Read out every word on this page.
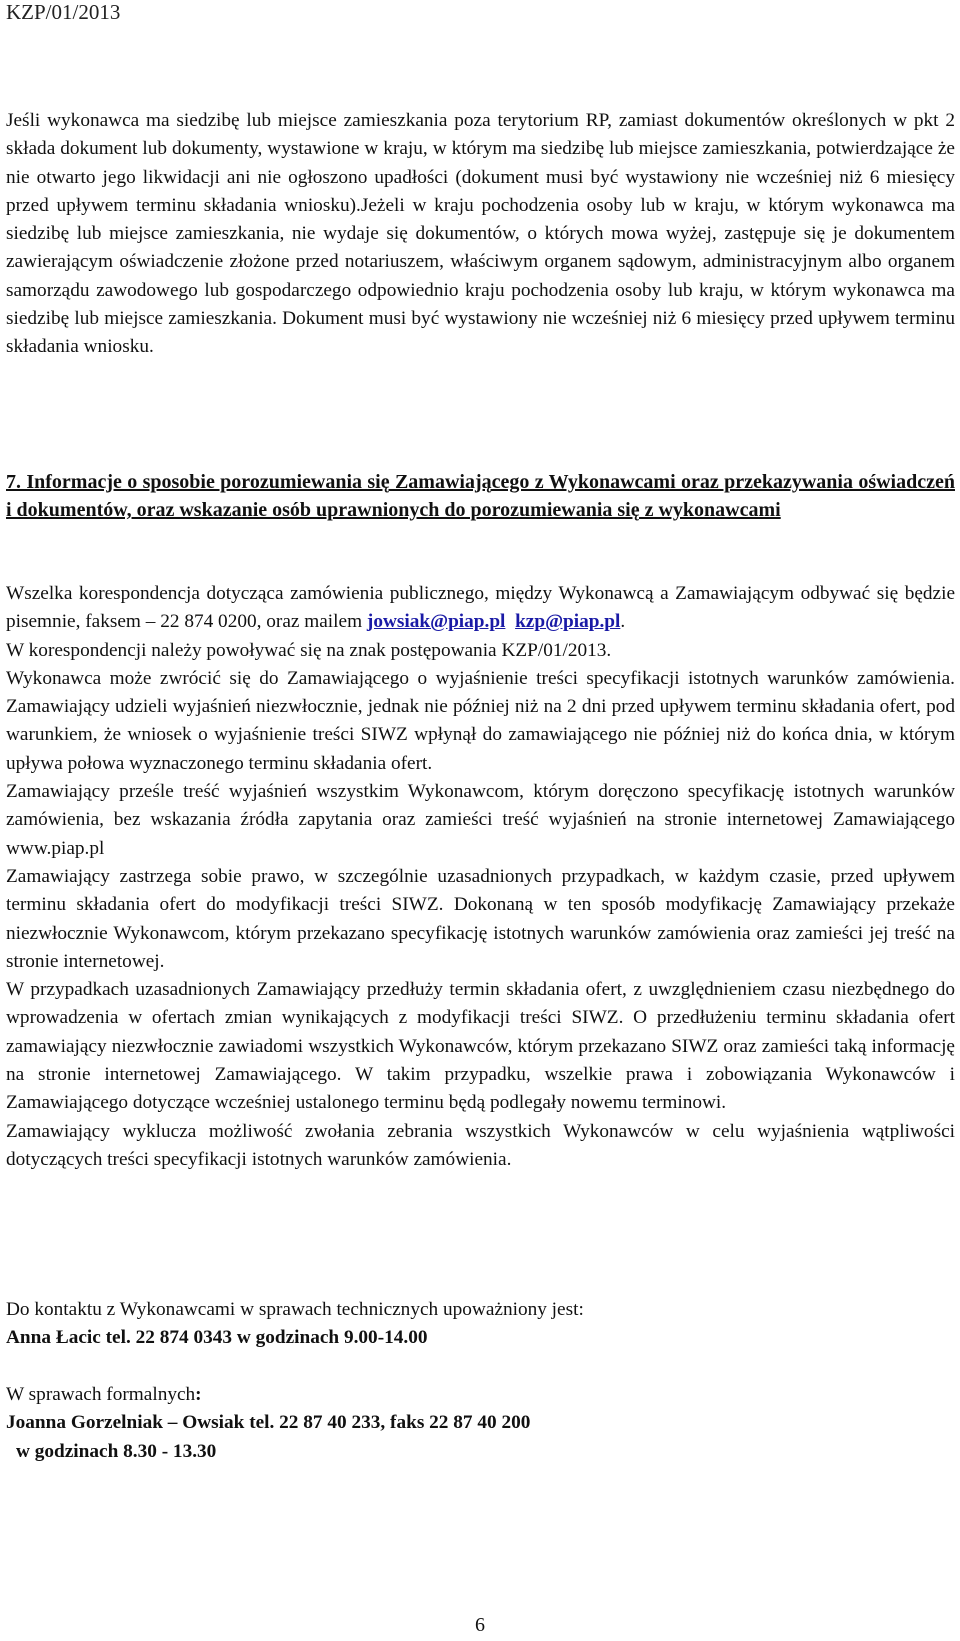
KZP/01/2013
Jeśli wykonawca ma siedzibę lub miejsce zamieszkania poza terytorium RP, zamiast dokumentów określonych w pkt 2 składa dokument lub dokumenty, wystawione w kraju, w którym ma siedzibę lub miejsce zamieszkania, potwierdzające że nie otwarto jego likwidacji ani nie ogłoszono upadłości (dokument musi być wystawiony nie wcześniej niż 6 miesięcy przed upływem terminu składania wniosku).Jeżeli w kraju pochodzenia osoby lub w kraju, w którym wykonawca ma siedzibę lub miejsce zamieszkania, nie wydaje się dokumentów, o których mowa wyżej, zastępuje się je dokumentem zawierającym oświadczenie złożone przed notariuszem, właściwym organem sądowym, administracyjnym albo organem samorządu zawodowego lub gospodarczego odpowiednio kraju pochodzenia osoby lub kraju, w którym wykonawca ma siedzibę lub miejsce zamieszkania. Dokument musi być wystawiony nie wcześniej niż 6 miesięcy przed upływem terminu składania wniosku.
7. Informacje o sposobie porozumiewania się Zamawiającego z Wykonawcami oraz przekazywania oświadczeń i dokumentów, oraz wskazanie osób uprawnionych do porozumiewania się z wykonawcami
Wszelka korespondencja dotycząca zamówienia publicznego, między Wykonawcą a Zamawiającym odbywać się będzie pisemnie, faksem – 22 874 0200, oraz mailem jowsiak@piap.pl kzp@piap.pl.
W korespondencji należy powoływać się na znak postępowania KZP/01/2013.
Wykonawca może zwrócić się do Zamawiającego o wyjaśnienie treści specyfikacji istotnych warunków zamówienia. Zamawiający udzieli wyjaśnień niezwłocznie, jednak nie później niż na 2 dni przed upływem terminu składania ofert, pod warunkiem, że wniosek o wyjaśnienie treści SIWZ wpłynął do zamawiającego nie później niż do końca dnia, w którym upływa połowa wyznaczonego terminu składania ofert.
Zamawiający prześle treść wyjaśnień wszystkim Wykonawcom, którym doręczono specyfikację istotnych warunków zamówienia, bez wskazania źródła zapytania oraz zamieści treść wyjaśnień na stronie internetowej Zamawiającego www.piap.pl
Zamawiający zastrzega sobie prawo, w szczególnie uzasadnionych przypadkach, w każdym czasie, przed upływem terminu składania ofert do modyfikacji treści SIWZ. Dokonaną w ten sposób modyfikację Zamawiający przekaże niezwłocznie Wykonawcom, którym przekazano specyfikację istotnych warunków zamówienia oraz zamieści jej treść na stronie internetowej.
W przypadkach uzasadnionych Zamawiający przedłuży termin składania ofert, z uwzględnieniem czasu niezbędnego do wprowadzenia w ofertach zmian wynikających z modyfikacji treści SIWZ. O przedłużeniu terminu składania ofert zamawiający niezwłocznie zawiadomi wszystkich Wykonawców, którym przekazano SIWZ oraz zamieści taką informację na stronie internetowej Zamawiającego. W takim przypadku, wszelkie prawa i zobowiązania Wykonawców i Zamawiającego dotyczące wcześniej ustalonego terminu będą podlegały nowemu terminowi.
Zamawiający wyklucza możliwość zwołania zebrania wszystkich Wykonawców w celu wyjaśnienia wątpliwości dotyczących treści specyfikacji istotnych warunków zamówienia.
Do kontaktu z Wykonawcami w sprawach technicznych upoważniony jest:
Anna Łacic tel. 22 874 0343 w godzinach 9.00-14.00
W sprawach formalnych:
Joanna Gorzelniak – Owsiak tel. 22 87 40 233, faks 22 87 40 200
w godzinach 8.30 - 13.30
6
